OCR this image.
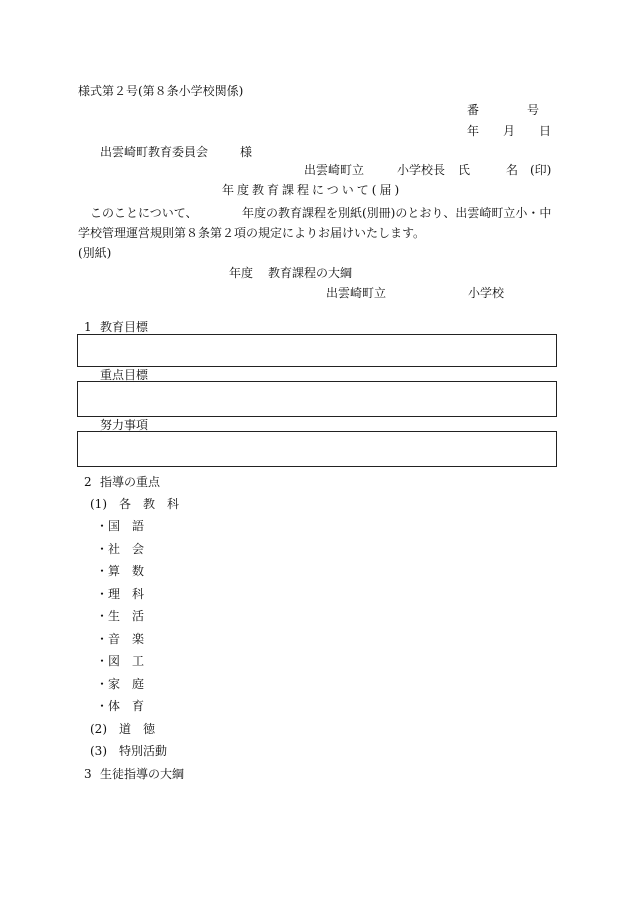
様式第２号(第８条小学校関係)
番　　　　号
年　　月　　日
出雲崎町教育委員会	様
出雲崎町立	小学校長 氏　　　名 (印)
年度教育課程について(届)
このことについて、	年度の教育課程を別紙(別冊)のとおり、出雲崎町立小・中
学校管理運営規則第８条第２項の規定によりお届けいたします。
(別紙)
年度 教育課程の大綱
出雲崎町立	小学校
1 教育目標
重点目標
努力事項
2 指導の重点
(1)　各　教　科
・国　語
・社　会
・算　数
・理　科
・生　活
・音　楽
・図　工
・家　庭
・体　育
(2)　道　徳
(3)　特別活動
3 生徒指導の大綱
